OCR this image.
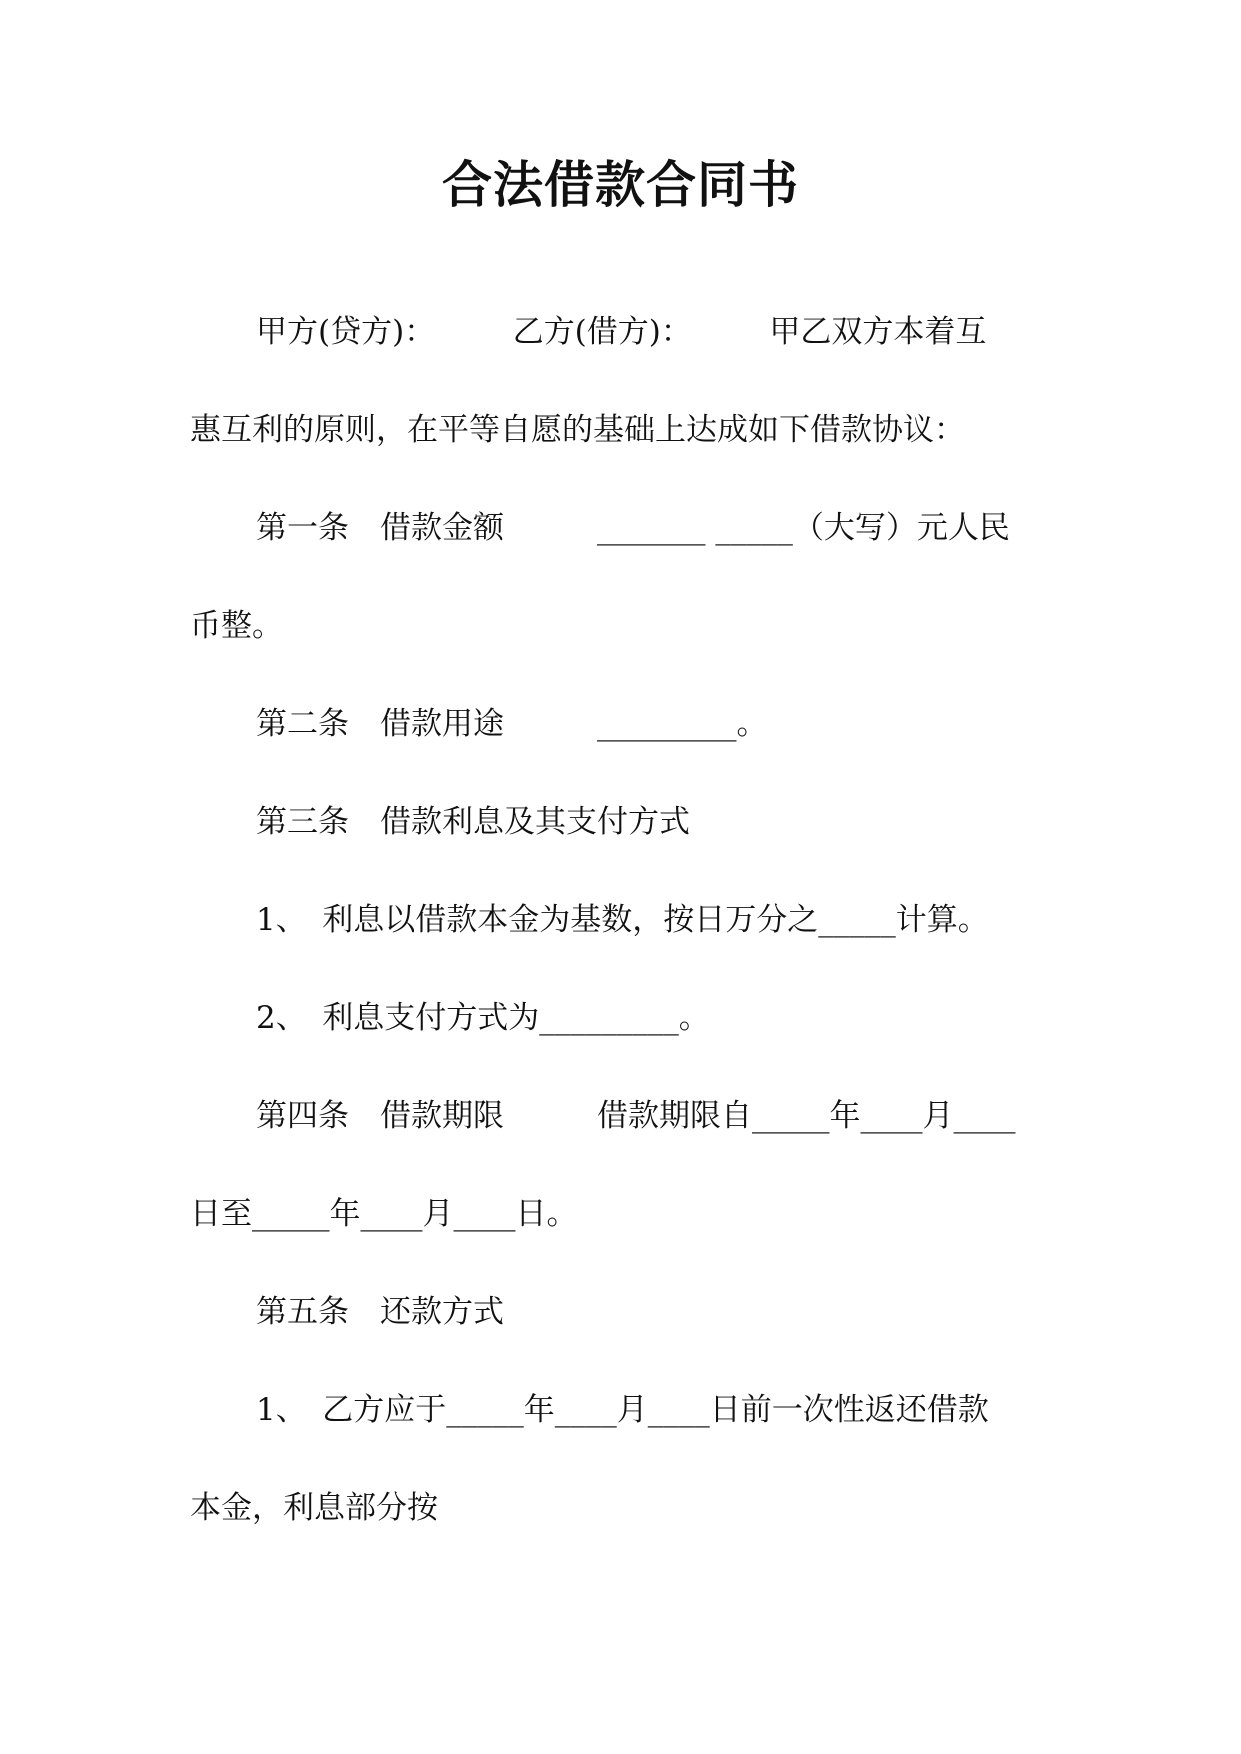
合法借款合同书
甲方(贷方)：　　　乙方(借方)：　　　甲乙双方本着互
惠互利的原则，在平等自愿的基础上达成如下借款协议：
第一条　借款金额　　　_______ _____（大写）元人民
币整。
第二条　借款用途　　　_________。
第三条　借款利息及其支付方式
1、　利息以借款本金为基数，按日万分之_____计算。
2、　利息支付方式为_________。
第四条　借款期限　　　借款期限自_____年____月____
日至_____年____月____日。
第五条　还款方式
1、　乙方应于_____年____月____日前一次性返还借款
本金，利息部分按
